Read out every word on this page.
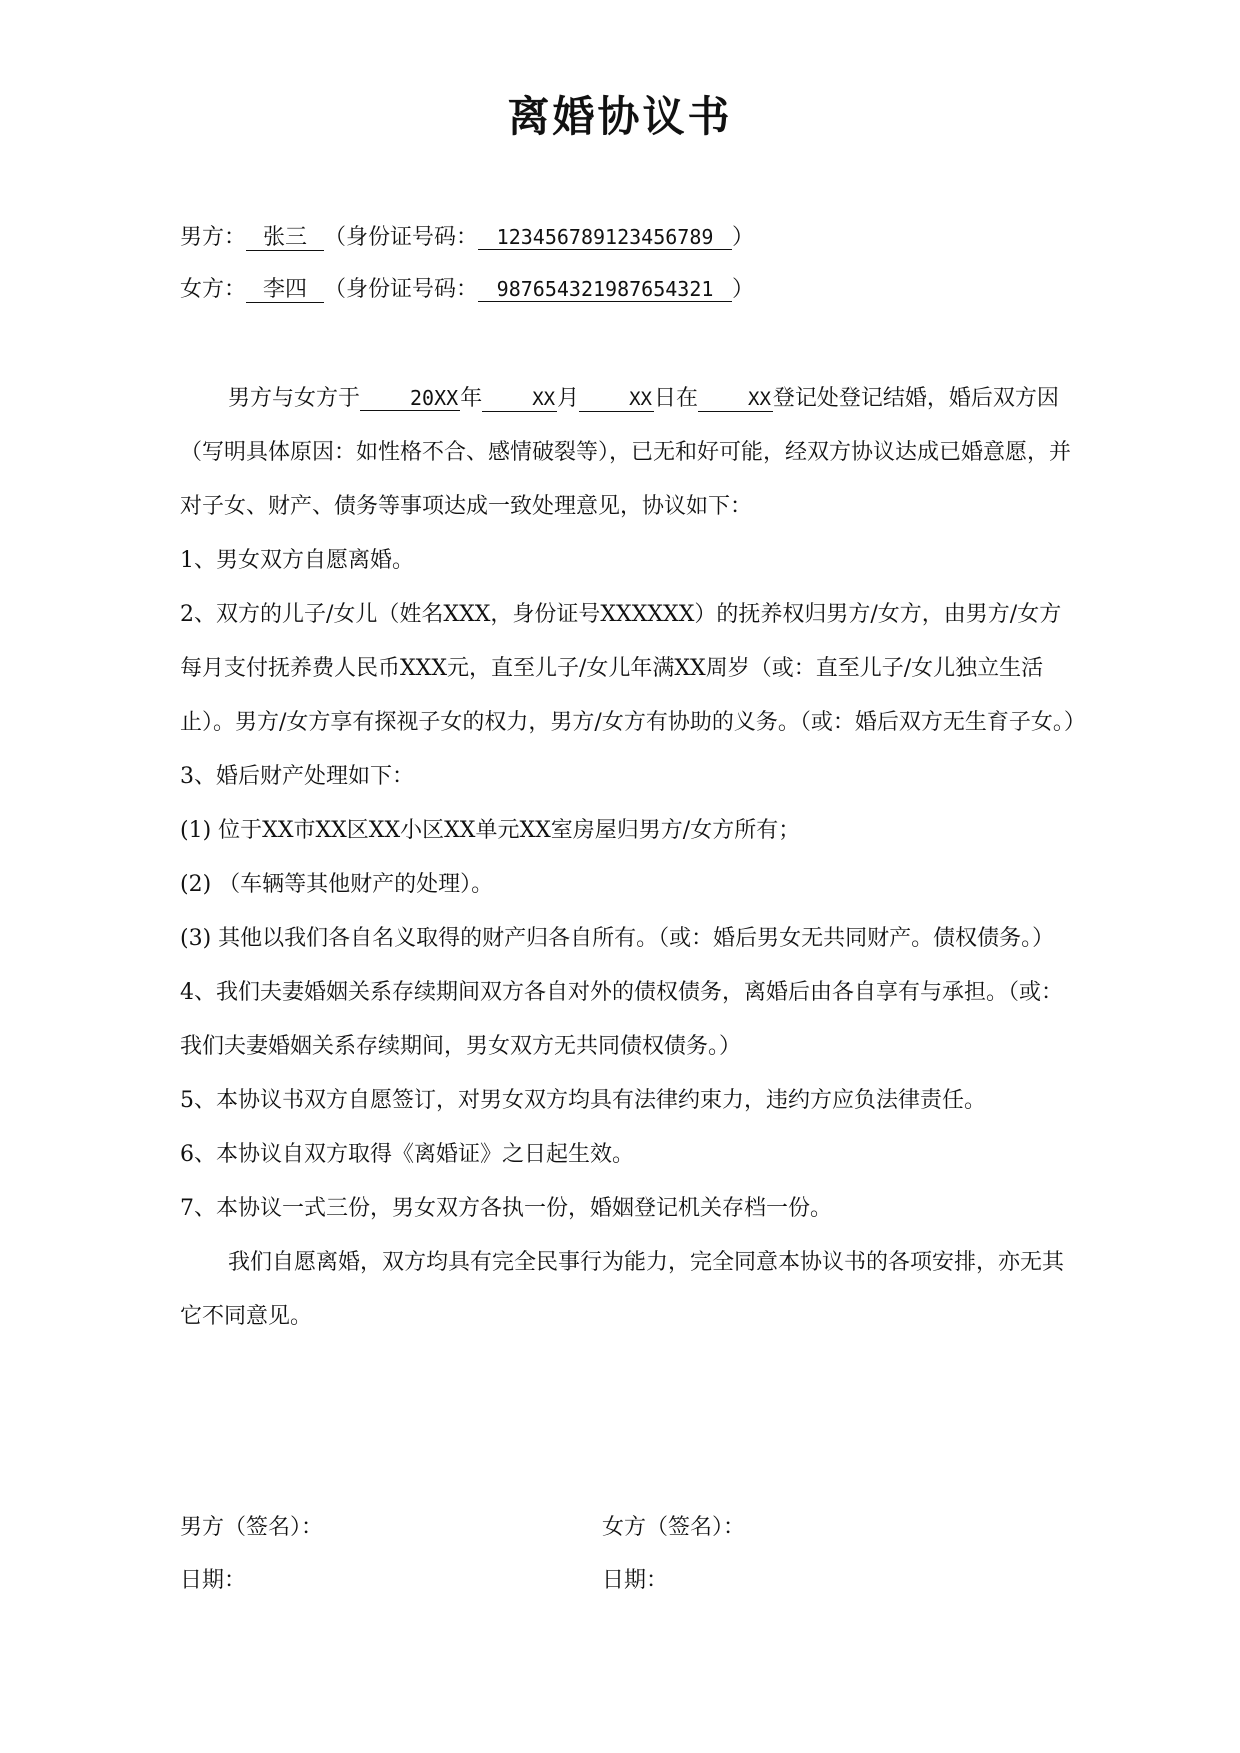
离婚协议书
男方： 张三 （身份证号码： 123456789123456789 ）
女方： 李四 （身份证号码： 987654321987654321 ）

男方与女方于	20XX年	XX月	XX日在	XX登记处登记结婚，婚后双方因（写明具体原因：如性格不合、感情破裂等），已无和好可能，经双方协议达成已婚意愿，并对子女、财产、债务等事项达成一致处理意见，协议如下：

1、男女双方自愿离婚。

2、双方的儿子/女儿（姓名XXX，身份证号XXXXXX）的抚养权归男方/女方，由男方/女方每月支付抚养费人民币XXX元，直至儿子/女儿年满XX周岁（或：直至儿子/女儿独立生活止）。男方/女方享有探视子女的权力，男方/女方有协助的义务。（或：婚后双方无生育子女。）

3、婚后财产处理如下：

(1) 位于XX市XX区XX小区XX单元XX室房屋归男方/女方所有；

(2) （车辆等其他财产的处理）。

(3) 其他以我们各自名义取得的财产归各自所有。（或：婚后男女无共同财产。债权债务。）

4、我们夫妻婚姻关系存续期间双方各自对外的债权债务，离婚后由各自享有与承担。（或：我们夫妻婚姻关系存续期间，男女双方无共同债权债务。）

5、本协议书双方自愿签订，对男女双方均具有法律约束力，违约方应负法律责任。

6、本协议自双方取得《离婚证》之日起生效。

7、本协议一式三份，男女双方各执一份，婚姻登记机关存档一份。

我们自愿离婚，双方均具有完全民事行为能力，完全同意本协议书的各项安排，亦无其它不同意见。

男方（签名）：	女方（签名）：
日期：	日期：
